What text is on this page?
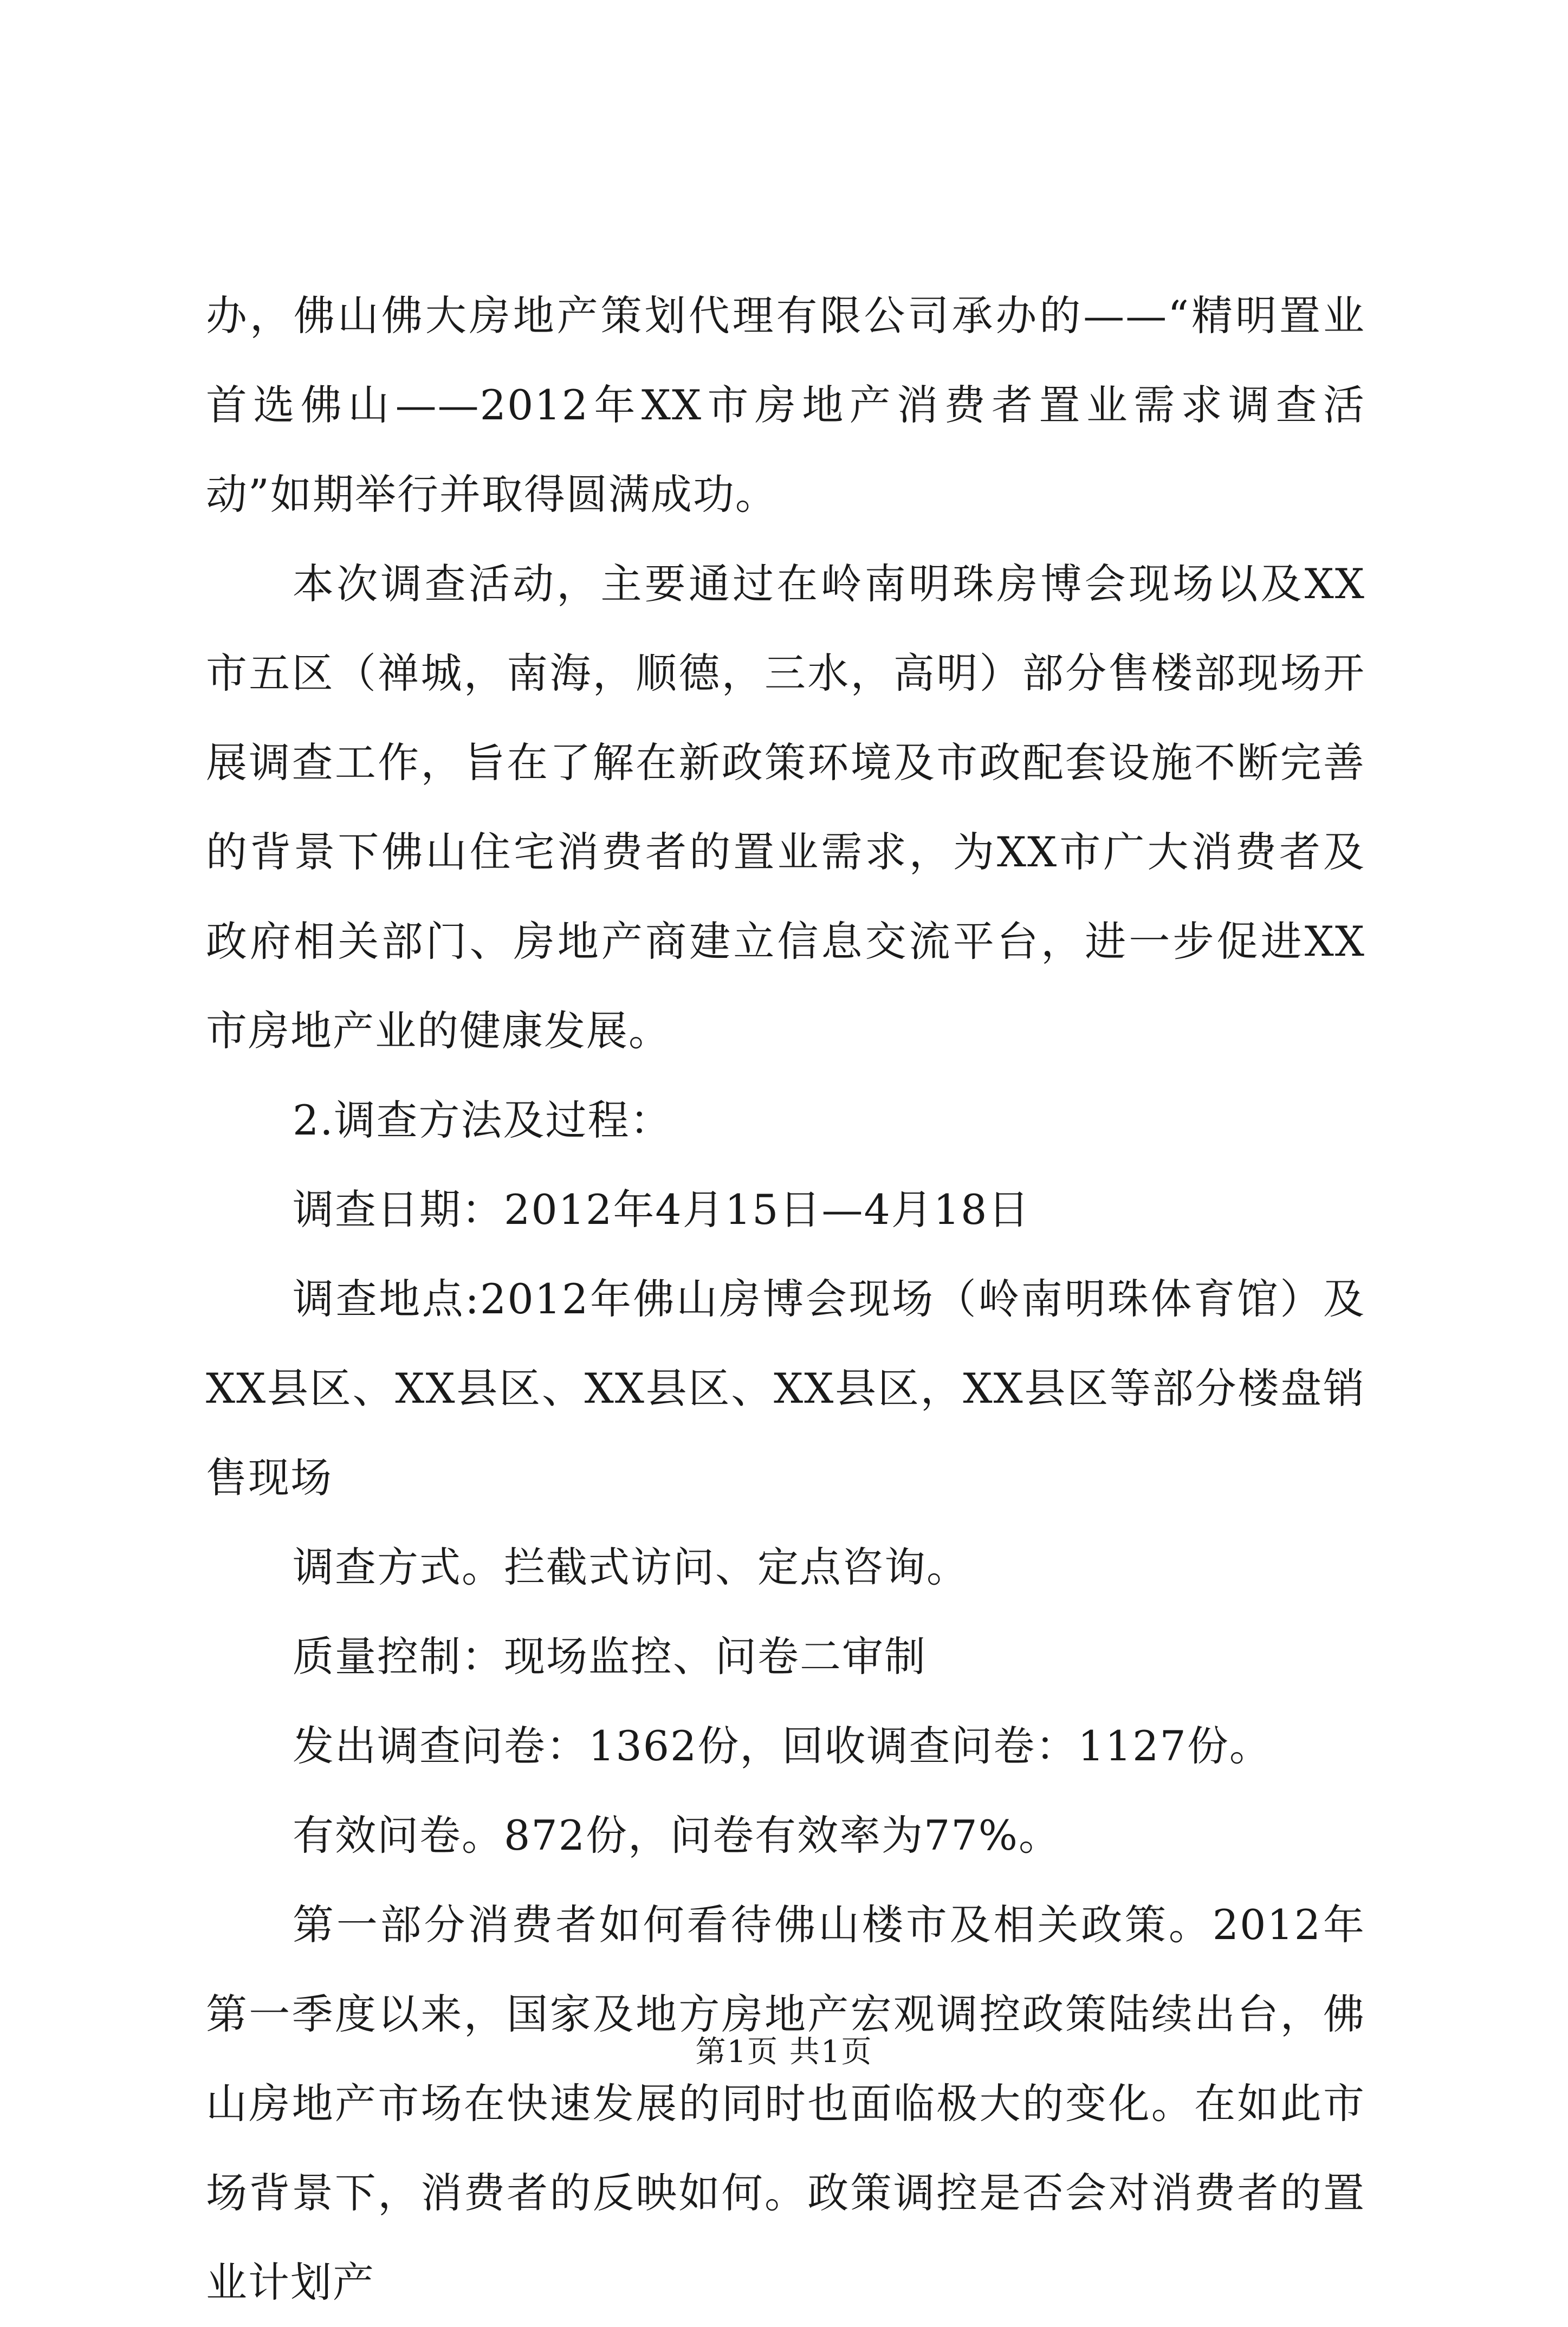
办，佛山佛大房地产策划代理有限公司承办的——“精明置业首选佛山——2012年XX市房地产消费者置业需求调查活动”如期举行并取得圆满成功。

本次调查活动，主要通过在岭南明珠房博会现场以及XX市五区（禅城，南海，顺德，三水，高明）部分售楼部现场开展调查工作，旨在了解在新政策环境及市政配套设施不断完善的背景下佛山住宅消费者的置业需求，为XX市广大消费者及政府相关部门、房地产商建立信息交流平台，进一步促进XX市房地产业的健康发展。

2.调查方法及过程：

调查日期：2012年4月15日—4月18日

调查地点:2012年佛山房博会现场（岭南明珠体育馆）及XX县区、XX县区、XX县区、XX县区，XX县区等部分楼盘销售现场

调查方式。拦截式访问、定点咨询。

质量控制：现场监控、问卷二审制

发出调查问卷：1362份，回收调查问卷：1127份。

有效问卷。872份，问卷有效率为77%。

第一部分消费者如何看待佛山楼市及相关政策。2012年第一季度以来，国家及地方房地产宏观调控政策陆续出台，佛山房地产市场在快速发展的同时也面临极大的变化。在如此市场背景下，消费者的反映如何。政策调控是否会对消费者的置业计划产

第1页 共1页
